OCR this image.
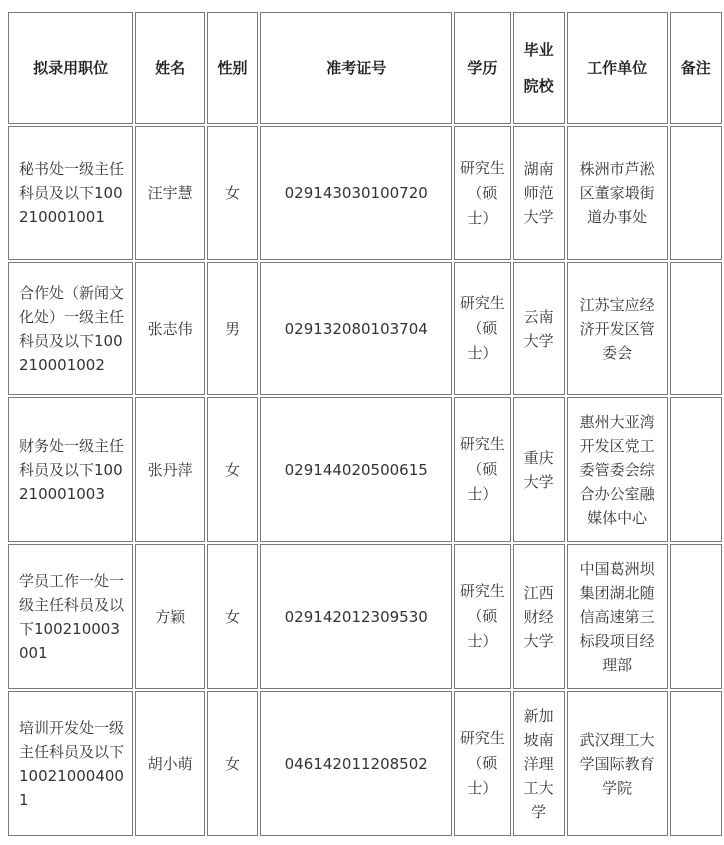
拟录用职位	姓名	性别	准考证号	学历	毕业院校	工作单位	备注
秘书处一级主任科员及以下100210001001	汪宇慧	女	029143030100720	研究生（硕士）	湖南师范大学	株洲市芦淞区董家塅街道办事处	
合作处（新闻文化处）一级主任科员及以下100210001002	张志伟	男	029132080103704	研究生（硕士）	云南大学	江苏宝应经济开发区管委会	
财务处一级主任科员及以下100210001003	张丹萍	女	029144020500615	研究生（硕士）	重庆大学	惠州大亚湾开发区党工委管委会综合办公室融媒体中心	
学员工作一处一级主任科员及以下100210003001	方颖	女	029142012309530	研究生（硕士）	江西财经大学	中国葛洲坝集团湖北随信高速第三标段项目经理部	
培训开发处一级主任科员及以下100210004001	胡小萌	女	046142011208502	研究生（硕士）	新加坡南洋理工大学	武汉理工大学国际教育学院	
